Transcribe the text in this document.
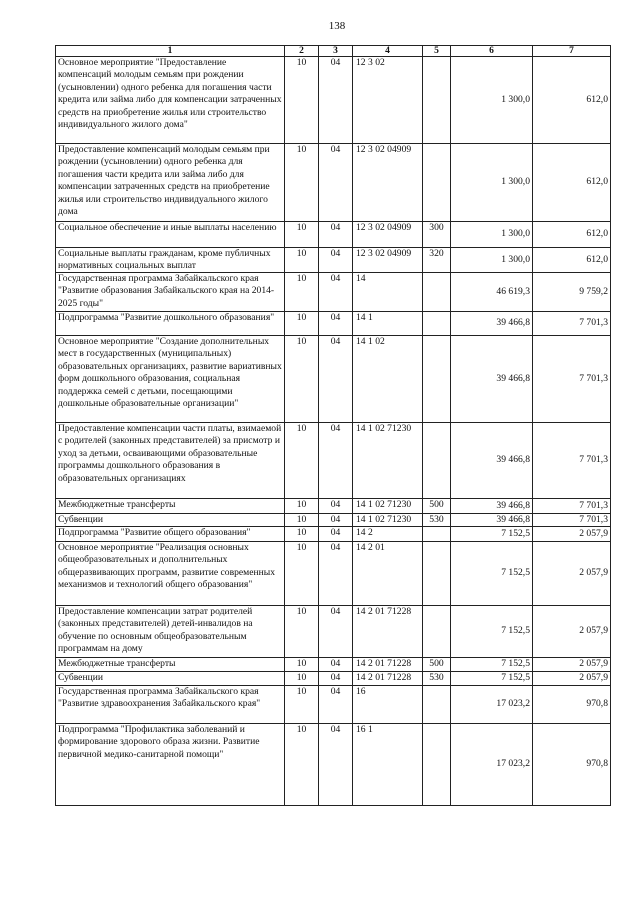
138
1	2	3	4	5	6	7

Основное мероприятие "Предоставление компенсаций молодым семьям при рождении (усыновлении) одного ребенка для погашения части кредита или займа либо для компенсации затраченных средств на приобретение жилья или строительство индивидуального жилого дома"	10	04	12 3 02		1 300,0	612,0

Предоставление компенсаций молодым семьям при рождении (усыновлении) одного ребенка для погашения части кредита или займа либо для компенсации затраченных средств на приобретение жилья или строительство индивидуального жилого дома	10	04	12 3 02 04909		1 300,0	612,0

Социальное обеспечение и иные выплаты населению	10	04	12 3 02 04909	300	1 300,0	612,0

Социальные выплаты гражданам, кроме публичных нормативных социальных выплат	10	04	12 3 02 04909	320	1 300,0	612,0

Государственная программа Забайкальского края "Развитие образования Забайкальского края на 2014-2025 годы"	10	04	14		46 619,3	9 759,2

Подпрограмма "Развитие дошкольного образования"	10	04	14 1		39 466,8	7 701,3

Основное мероприятие "Создание дополнительных мест в государственных (муниципальных) образовательных организациях, развитие вариативных форм дошкольного образования, социальная поддержка семей с детьми, посещающими дошкольные образовательные организации"	10	04	14 1 02		39 466,8	7 701,3

Предоставление компенсации части платы, взимаемой с родителей (законных представителей) за присмотр и уход за детьми, осваивающими образовательные программы дошкольного образования в образовательных организациях	10	04	14 1 02 71230		39 466,8	7 701,3

Межбюджетные трансферты	10	04	14 1 02 71230	500	39 466,8	7 701,3

Субвенции	10	04	14 1 02 71230	530	39 466,8	7 701,3

Подпрограмма "Развитие общего образования"	10	04	14 2		7 152,5	2 057,9

Основное мероприятие "Реализация основных общеобразовательных и дополнительных общеразвивающих программ, развитие современных механизмов и технологий общего образования"	10	04	14 2 01		7 152,5	2 057,9

Предоставление компенсации затрат родителей (законных представителей) детей-инвалидов на обучение по основным общеобразовательным программам на дому	10	04	14 2 01 71228		7 152,5	2 057,9

Межбюджетные трансферты	10	04	14 2 01 71228	500	7 152,5	2 057,9

Субвенции	10	04	14 2 01 71228	530	7 152,5	2 057,9

Государственная программа Забайкальского края "Развитие здравоохранения Забайкальского края"	10	04	16		17 023,2	970,8

Подпрограмма "Профилактика заболеваний и формирование здорового образа жизни. Развитие первичной медико-санитарной помощи"	10	04	16 1		17 023,2	970,8
